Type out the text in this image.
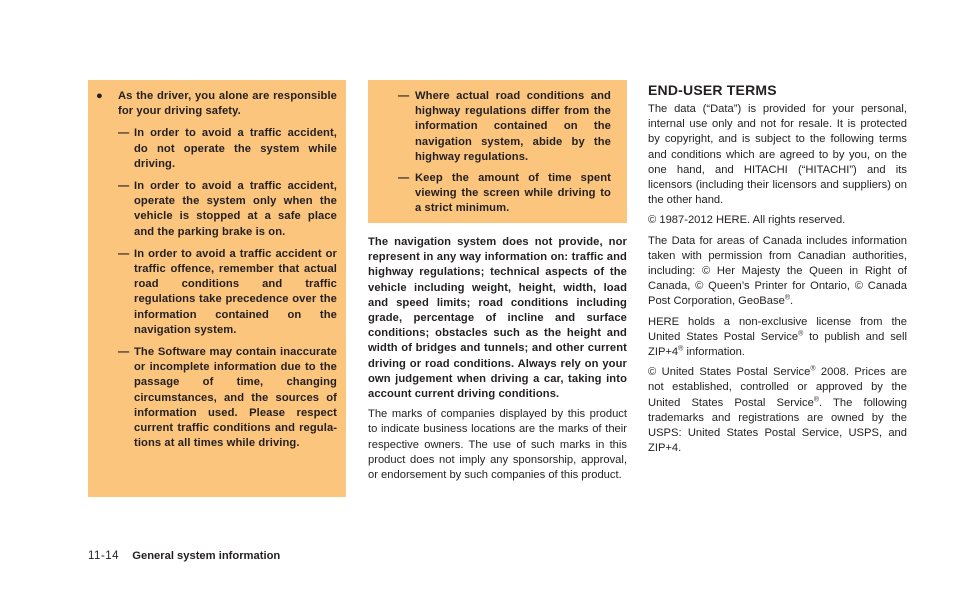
● As the driver, you alone are responsible for your driving safety.
— In order to avoid a traffic accident, do not operate the system while driving.
— In order to avoid a traffic accident, operate the system only when the vehicle is stopped at a safe place and the parking brake is on.
— In order to avoid a traffic accident or traffic offence, remember that actual road conditions and traffic regulations take precedence over the information contained on the navigation system.
— The Software may contain inaccurate or incomplete information due to the passage of time, changing circumstances, and the sources of information used. Please respect current traffic conditions and regulations at all times while driving.
— Where actual road conditions and highway regulations differ from the information contained on the navigation system, abide by the highway regulations.
— Keep the amount of time spent viewing the screen while driving to a strict minimum.

The navigation system does not provide, nor represent in any way information on: traffic and highway regulations; technical aspects of the vehicle including weight, height, width, load and speed limits; road conditions including grade, percentage of incline and surface conditions; obstacles such as the height and width of bridges and tunnels; and other current driving or road conditions. Always rely on your own judgement when driving a car, taking into account current driving conditions.

The marks of companies displayed by this product to indicate business locations are the marks of their respective owners. The use of such marks in this product does not imply any sponsorship, approval, or endorsement by such companies of this product.

END-USER TERMS

The data (“Data”) is provided for your personal, internal use only and not for resale. It is protected by copyright, and is subject to the following terms and conditions which are agreed to by you, on the one hand, and HITACHI (“HITACHI”) and its licensors (including their licensors and suppliers) on the other hand.

© 1987-2012 HERE. All rights reserved.

The Data for areas of Canada includes information taken with permission from Canadian authorities, including: © Her Majesty the Queen in Right of Canada, © Queen’s Printer for Ontario, © Canada Post Corporation, GeoBase®.

HERE holds a non-exclusive license from the United States Postal Service® to publish and sell ZIP+4® information.

© United States Postal Service® 2008. Prices are not established, controlled or approved by the United States Postal Service®. The following trademarks and registrations are owned by the USPS: United States Postal Service, USPS, and ZIP+4.

11-14 General system information
